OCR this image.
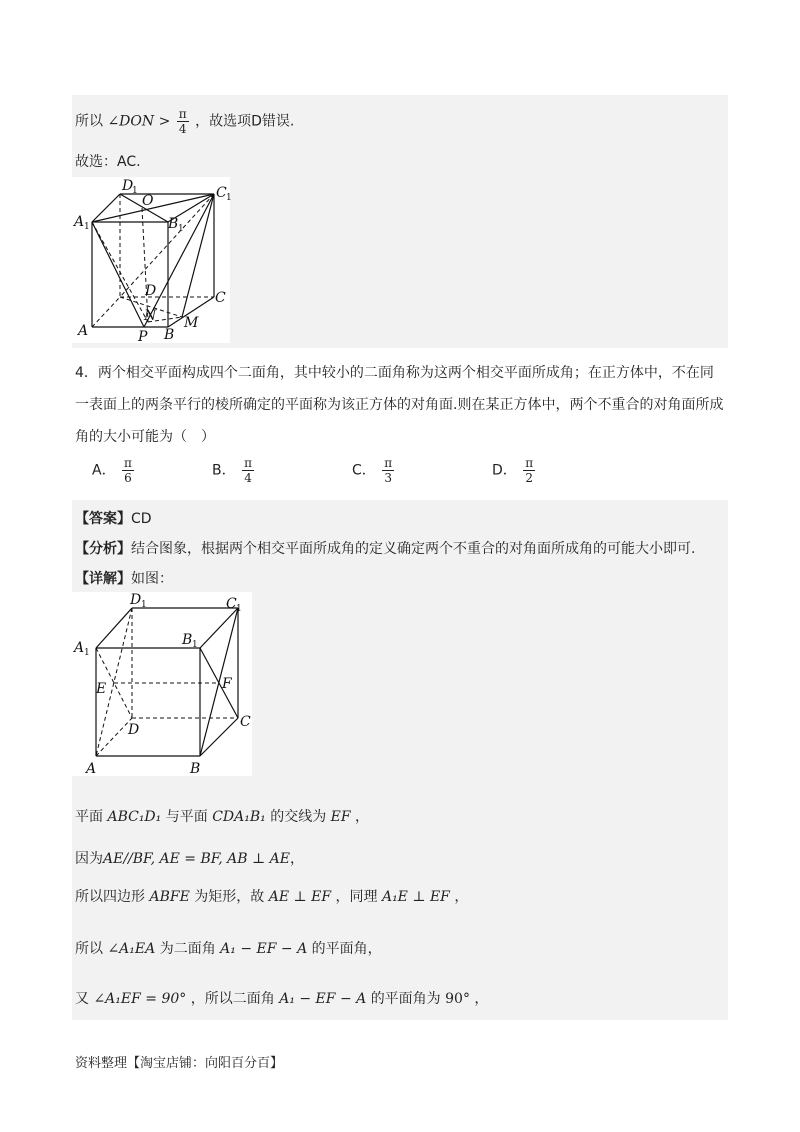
所以 ∠DON > $\frac{\pi}{4}$ ，故选项D错误.
故选：AC.
D
1	C 1
A 1	B 1
O
D	C
N M
A	P B
4．两个相交平面构成四个二面角，其中较小的二面角称为这两个相交平面所成角；在正方体中，不在同
一表面上的两条平行的棱所确定的平面称为该正方体的对角面.则在某正方体中，两个不重合的对角面所成
角的大小可能为（　）
A． $\frac{\pi}{6}$	B． $\frac{\pi}{4}$	C． $\frac{\pi}{3}$	D． $\frac{\pi}{2}$
【答案】CD
【分析】结合图象，根据两个相交平面所成角的定义确定两个不重合的对角面所成角的可能大小即可.
【详解】如图：
D 1	C 1
A 1
B 1
E	F
D	C
A	B
平面 ABC₁D₁ 与平面 CDA₁B₁ 的交线为 EF ，
因为AE//BF, AE = BF, AB ⊥ AE，
所以四边形 ABFE 为矩形，故 AE ⊥ EF ，同理 A₁E ⊥ EF ，
所以 ∠A₁EA 为二面角 A₁ − EF − A 的平面角，
又 ∠A₁EF = 90° ，所以二面角 A₁ − EF − A 的平面角为 90° ，
资料整理【淘宝店铺：向阳百分百】
